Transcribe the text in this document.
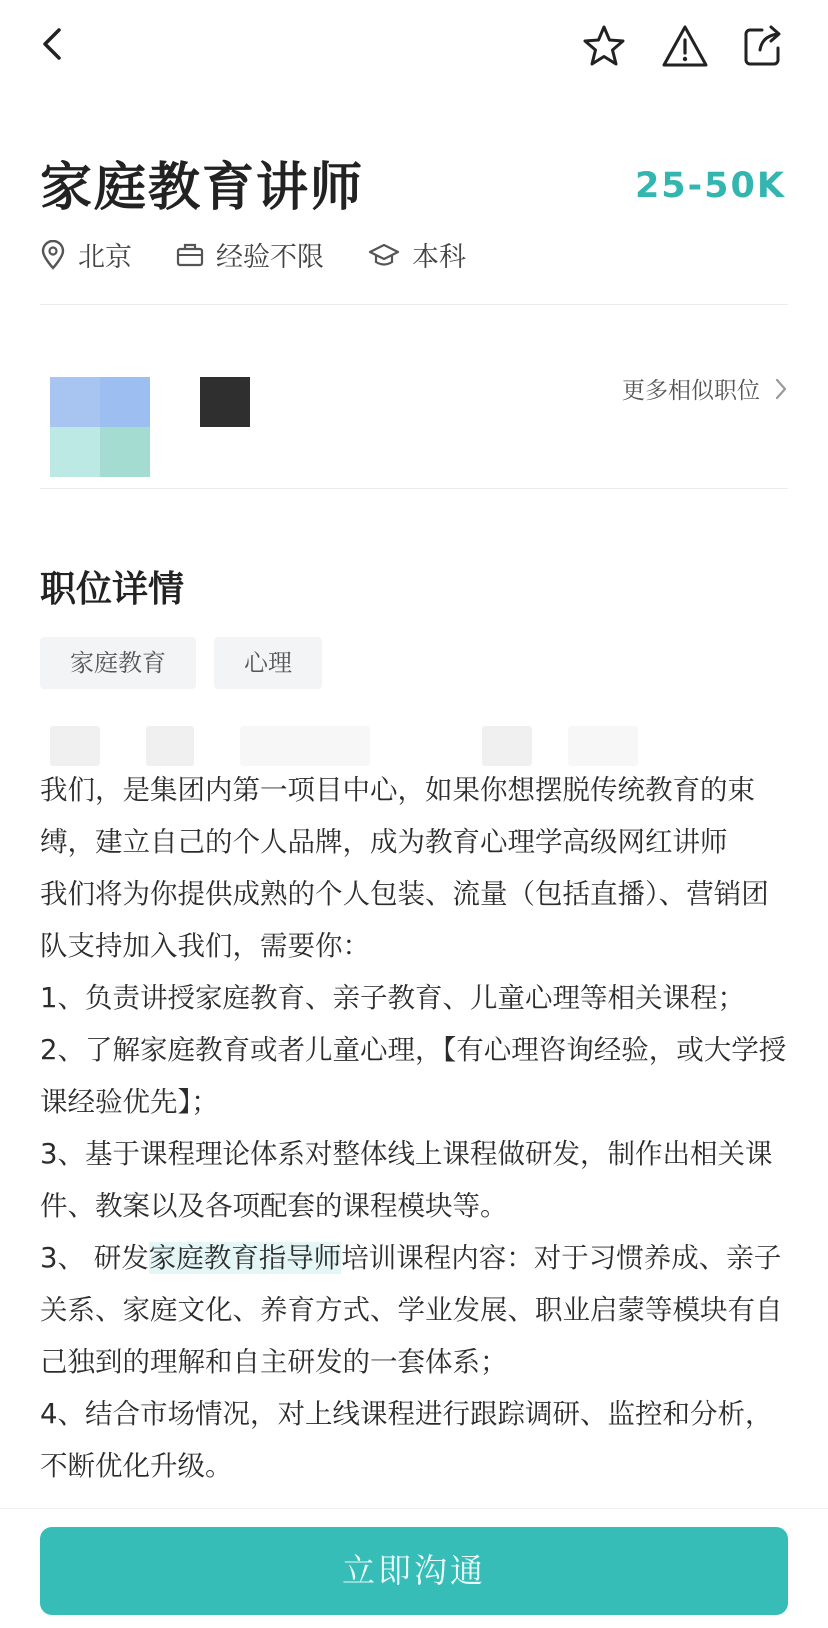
家庭教育讲师	25-50K
北京	经验不限	本科
更多相似职位
职位详情
家庭教育	心理

我们，是集团内第一项目中心，如果你想摆脱传统教育的束缚，建立自己的个人品牌，成为教育心理学高级网红讲师

我们将为你提供成熟的个人包装、流量（包括直播）、营销团队支持加入我们，需要你：

1、负责讲授家庭教育、亲子教育、儿童心理等相关课程；

2、了解家庭教育或者儿童心理，【有心理咨询经验，或大学授课经验优先】；

3、基于课程理论体系对整体线上课程做研发，制作出相关课件、教案以及各项配套的课程模块等。

3、 研发家庭教育指导师培训课程内容：对于习惯养成、亲子关系、家庭文化、养育方式、学业发展、职业启蒙等模块有自己独到的理解和自主研发的一套体系；

4、结合市场情况，对上线课程进行跟踪调研、监控和分析，不断优化升级。

立即沟通
